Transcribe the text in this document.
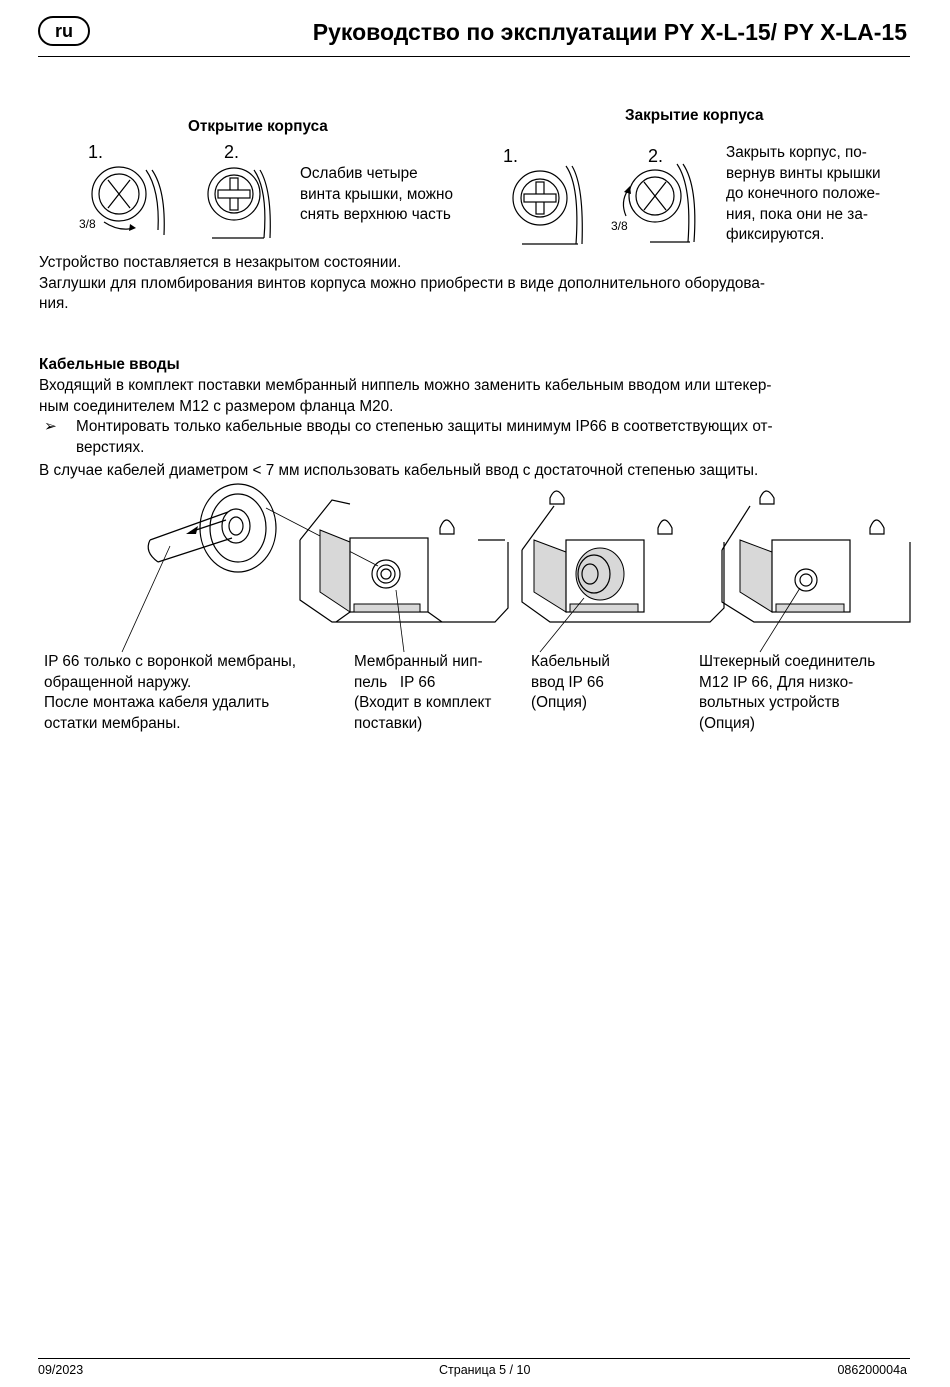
ru	Руководство по эксплуатации PY X-L-15/ PY X-LA-15
Открытие корпуса
1.	2.
3/8
Ослабив четыре
винта крышки, можно
снять верхнюю часть
Закрытие корпуса
1.	2.
3/8
Закрыть корпус, по-
вернув винты крышки
до конечного положе-
ния, пока они не за-
фиксируются.
Устройство поставляется в незакрытом состоянии.
Заглушки для пломбирования винтов корпуса можно приобрести в виде дополнительного оборудова-
ния.
Кабельные вводы
Входящий в комплект поставки мембранный ниппель можно заменить кабельным вводом или штекер-
ным соединителем M12 с размером фланца M20.
➢ Монтировать только кабельные вводы со степенью защиты минимум IP66 в соответствующих от-
верстиях.
В случае кабелей диаметром < 7 мм использовать кабельный ввод с достаточной степенью защиты.
IP 66 только с воронкой мембраны,
обращенной наружу.
После монтажа кабеля удалить
остатки мембраны.
Мембранный нип-
пель   IP 66
(Входит в комплект
поставки)
Кабельный
ввод IP 66
(Опция)
Штекерный соединитель
M12 IP 66, Для низко-
вольтных устройств
(Опция)
09/2023	Страница 5 / 10	086200004a
